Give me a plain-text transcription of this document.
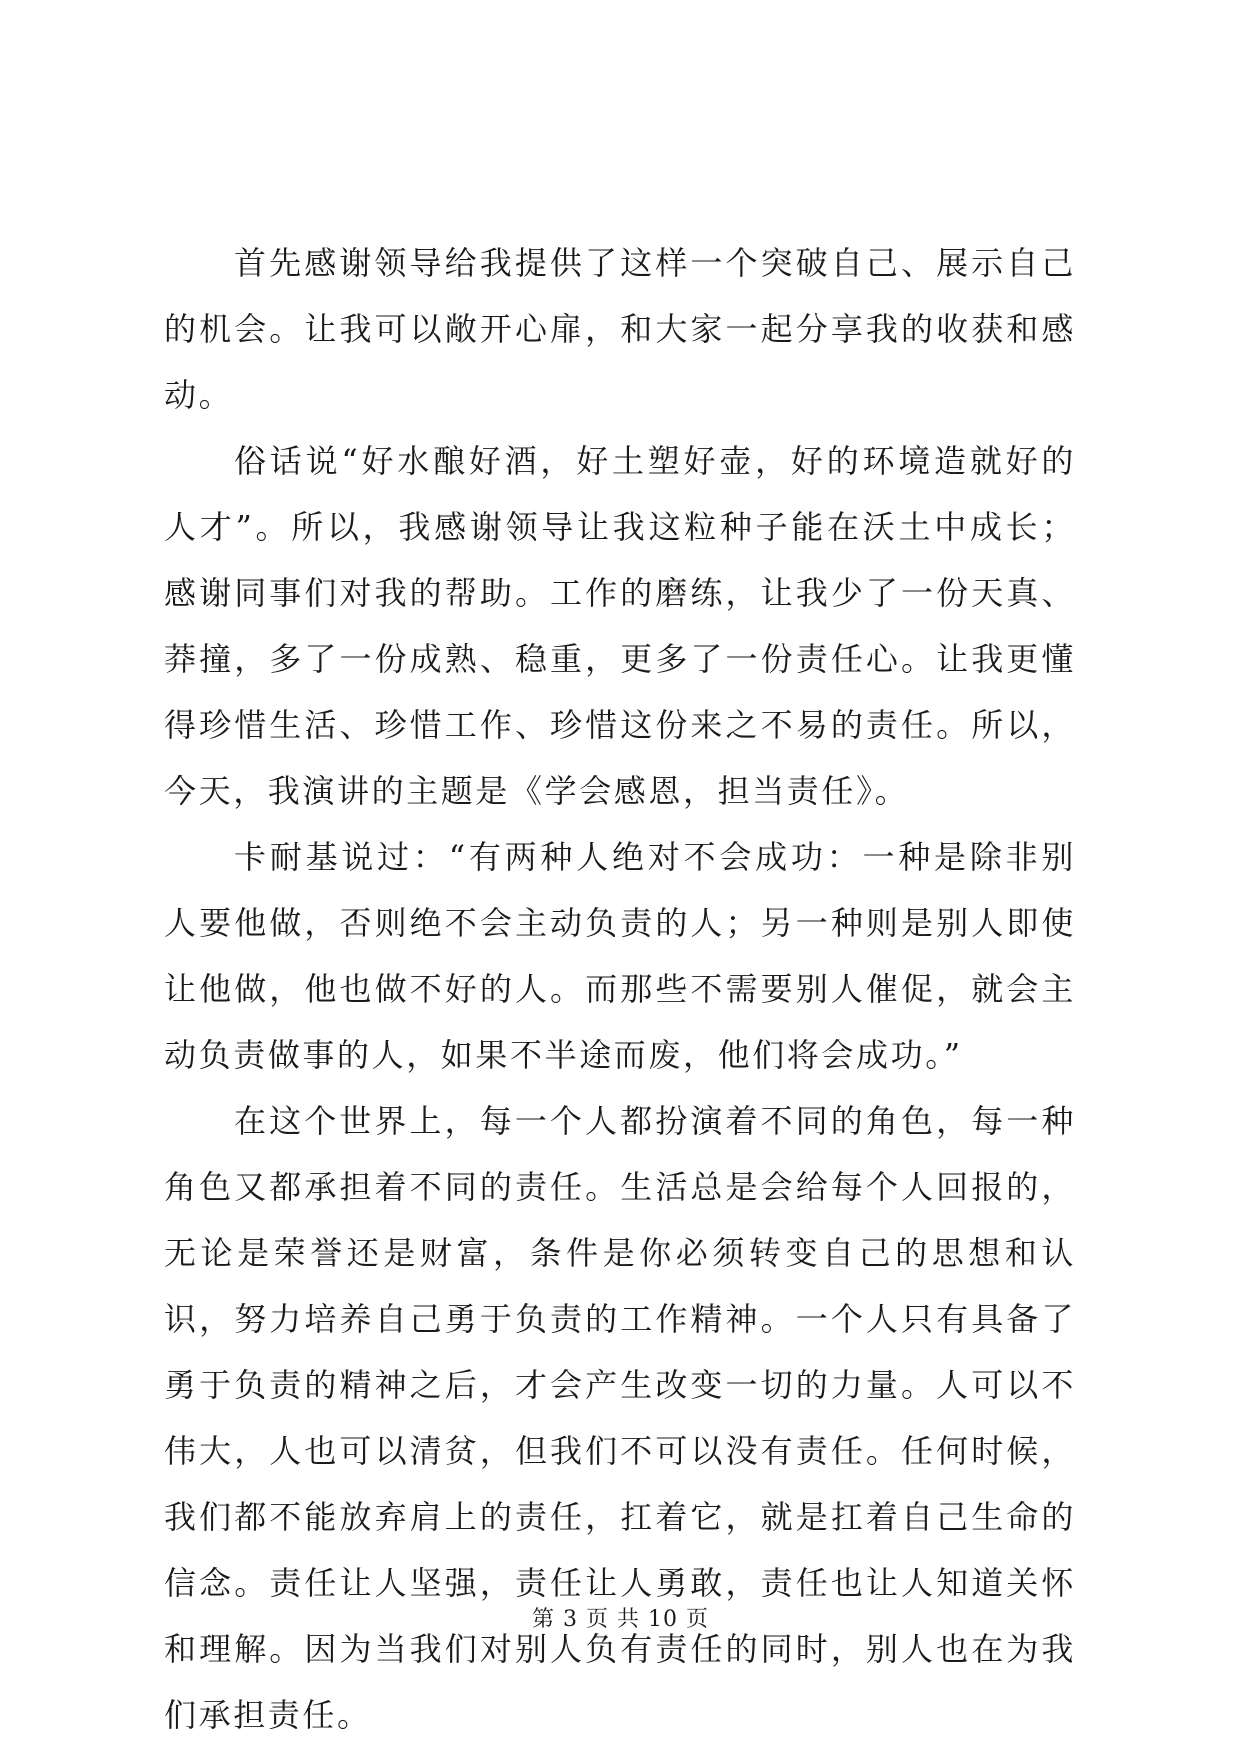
首先感谢领导给我提供了这样一个突破自己、展示自己的机会。让我可以敞开心扉，和大家一起分享我的收获和感动。

俗话说“好水酿好酒，好土塑好壶，好的环境造就好的人才”。所以，我感谢领导让我这粒种子能在沃土中成长；感谢同事们对我的帮助。工作的磨练，让我少了一份天真、莽撞，多了一份成熟、稳重，更多了一份责任心。让我更懂得珍惜生活、珍惜工作、珍惜这份来之不易的责任。所以，今天，我演讲的主题是《学会感恩，担当责任》。

卡耐基说过：“有两种人绝对不会成功：一种是除非别人要他做，否则绝不会主动负责的人；另一种则是别人即使让他做，他也做不好的人。而那些不需要别人催促，就会主动负责做事的人，如果不半途而废，他们将会成功。”

在这个世界上，每一个人都扮演着不同的角色，每一种角色又都承担着不同的责任。生活总是会给每个人回报的，无论是荣誉还是财富，条件是你必须转变自己的思想和认识，努力培养自己勇于负责的工作精神。一个人只有具备了勇于负责的精神之后，才会产生改变一切的力量。人可以不伟大，人也可以清贫，但我们不可以没有责任。任何时候，我们都不能放弃肩上的责任，扛着它，就是扛着自己生命的信念。责任让人坚强，责任让人勇敢，责任也让人知道关怀和理解。因为当我们对别人负有责任的同时，别人也在为我们承担责任。

第 3 页 共 10 页
